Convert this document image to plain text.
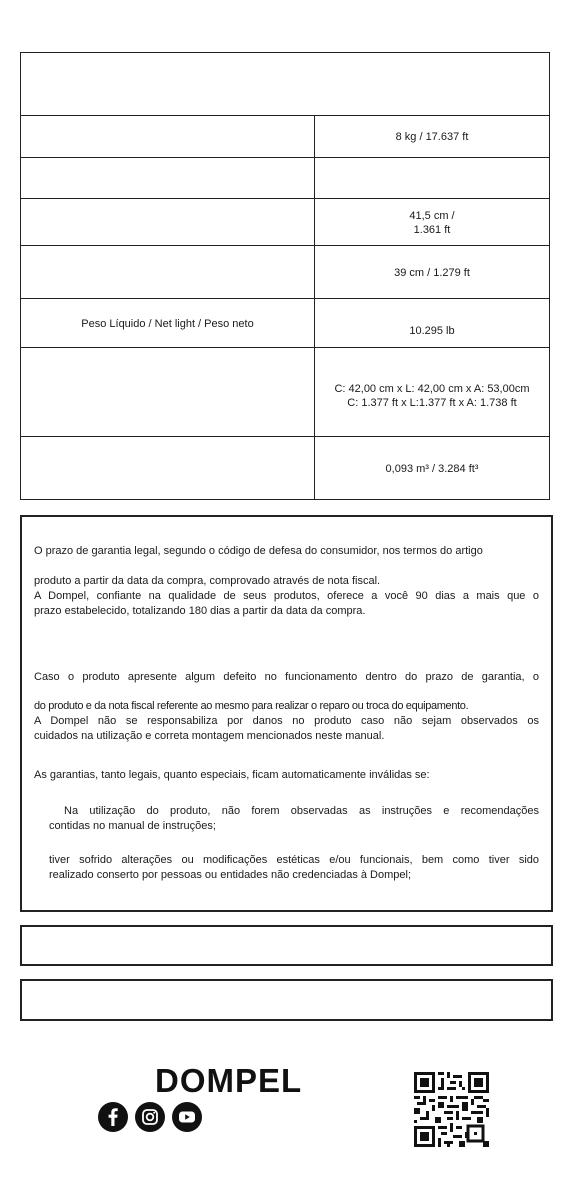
8 kg / 17.637 ft
41,5 cm /
1.361 ft
39 cm / 1.279 ft
Peso Líquido / Net light / Peso neto
10.295 lb
C: 42,00 cm x L: 42,00 cm x A: 53,00cm
C: 1.377 ft x L:1.377 ft x A: 1.738 ft
0,093 m³ / 3.284 ft³
O prazo de garantia legal, segundo o código de defesa do consumidor, nos termos do artigo
produto a partir da data da compra, comprovado através de nota fiscal.
A Dompel, confiante na qualidade de seus produtos, oferece a você 90 dias a mais que o
prazo estabelecido, totalizando 180 dias a partir da data da compra.
Caso o produto apresente algum defeito no funcionamento dentro do prazo de garantia, o
do produto e da nota fiscal referente ao mesmo para realizar o reparo ou troca do equipamento.
A Dompel não se responsabiliza por danos no produto caso não sejam observados os
cuidados na utilização e correta montagem mencionados neste manual.
As garantias, tanto legais, quanto especiais, ficam automaticamente inválidas se:
Na utilização do produto, não forem observadas as instruções e recomendações
contidas no manual de instruções;
tiver sofrido alterações ou modificações estéticas e/ou funcionais, bem como tiver sido
realizado conserto por pessoas ou entidades não credenciadas à Dompel;
DOMPEL
